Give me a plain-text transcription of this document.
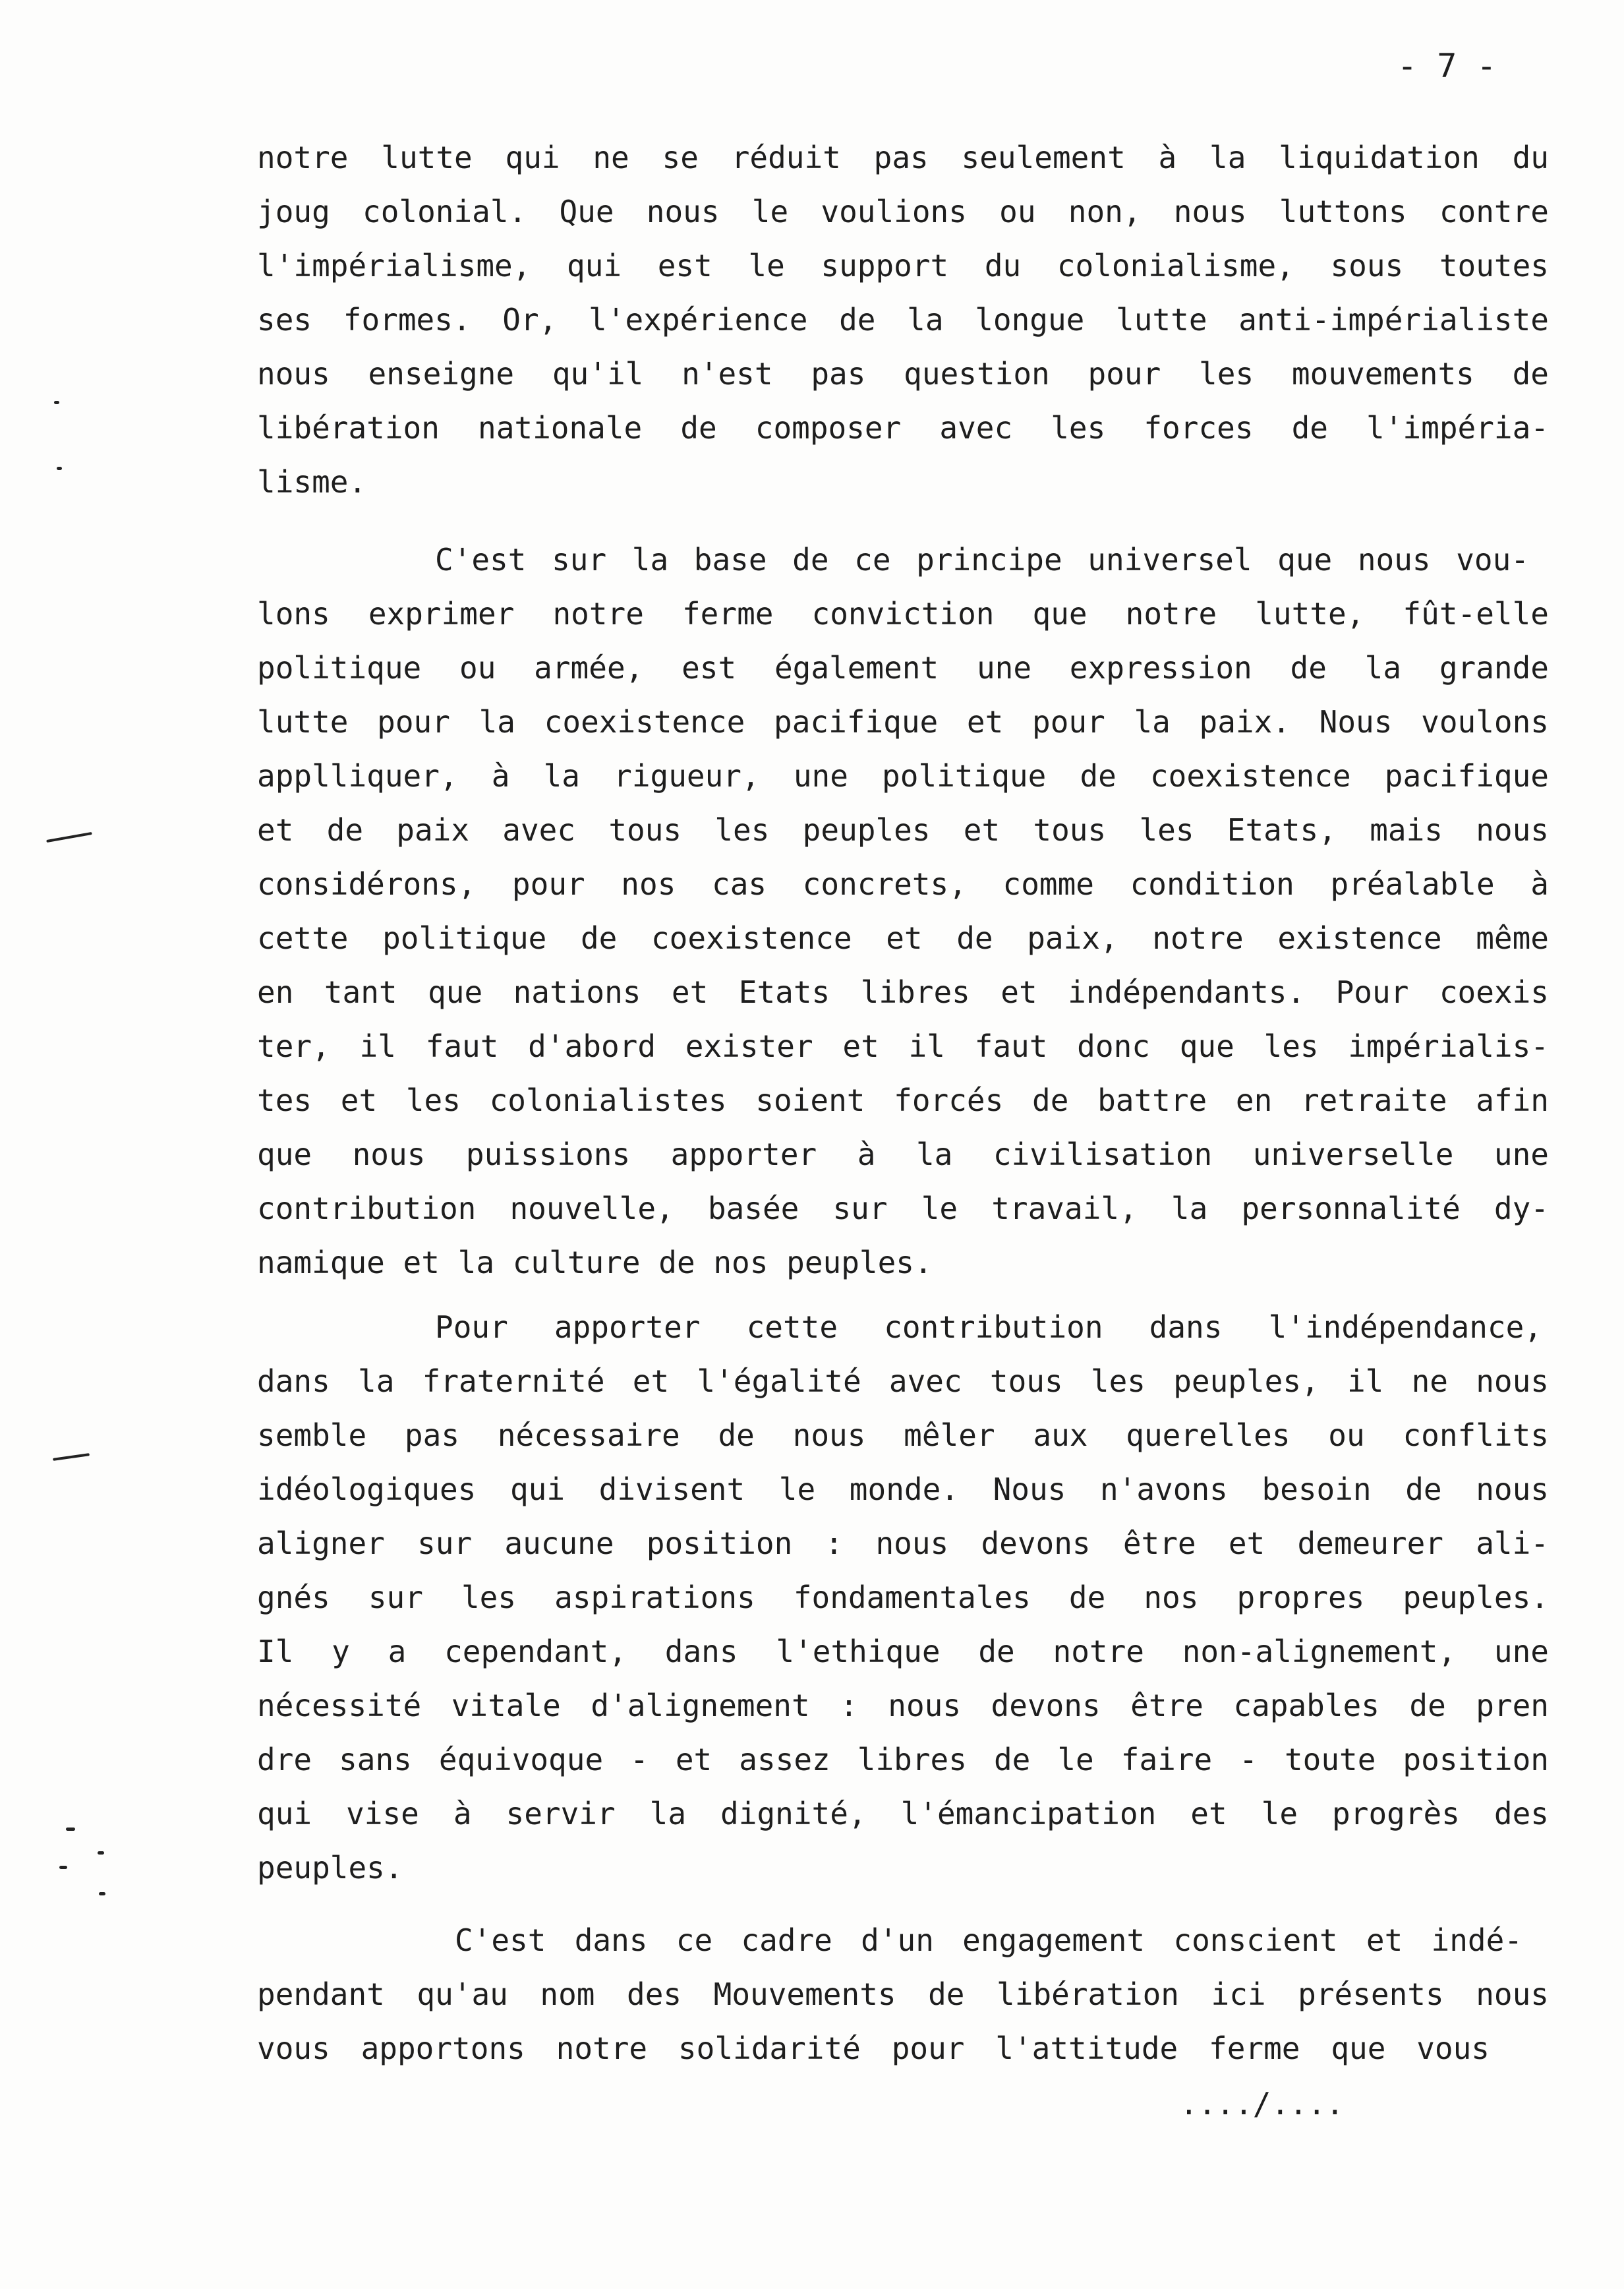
- 7 -
notre lutte qui ne se réduit pas seulement à la liquidation du
joug colonial. Que nous le voulions ou non, nous luttons contre
l'impérialisme, qui est le support du colonialisme, sous toutes
ses formes. Or, l'expérience de la longue lutte anti-impérialiste
nous enseigne qu'il n'est pas question pour les mouvements de
libération nationale de composer avec les forces de l'impéria-
lisme.
C'est sur la base de ce principe universel que nous vou-
lons exprimer notre ferme conviction que notre lutte, fût-elle
politique ou armée, est également une expression de la grande
lutte pour la coexistence pacifique et pour la paix. Nous voulons
applliquer, à la rigueur, une politique de coexistence pacifique
et de paix avec tous les peuples et tous les Etats, mais nous
considérons, pour nos cas concrets, comme condition préalable à
cette politique de coexistence et de paix, notre existence même
en tant que nations et Etats libres et indépendants. Pour coexis
ter, il faut d'abord exister et il faut donc que les impérialis-
tes et les colonialistes soient forcés de battre en retraite afin
que nous puissions apporter à la civilisation universelle une
contribution nouvelle, basée sur le travail, la personnalité dy-
namique et la culture de nos peuples.
Pour apporter cette contribution dans l'indépendance,
dans la fraternité et l'égalité avec tous les peuples, il ne nous
semble pas nécessaire de nous mêler aux querelles ou conflits
idéologiques qui divisent le monde. Nous n'avons besoin de nous
aligner sur aucune position : nous devons être et demeurer ali-
gnés sur les aspirations fondamentales de nos propres peuples.
Il y a cependant, dans l'ethique de notre non-alignement, une
nécessité vitale d'alignement : nous devons être capables de pren
dre sans équivoque - et assez libres de le faire - toute position
qui vise à servir la dignité, l'émancipation et le progrès des
peuples.
C'est dans ce cadre d'un engagement conscient et indé-
pendant qu'au nom des Mouvements de libération ici présents nous
vous apportons notre solidarité pour l'attitude ferme que vous
..../....
